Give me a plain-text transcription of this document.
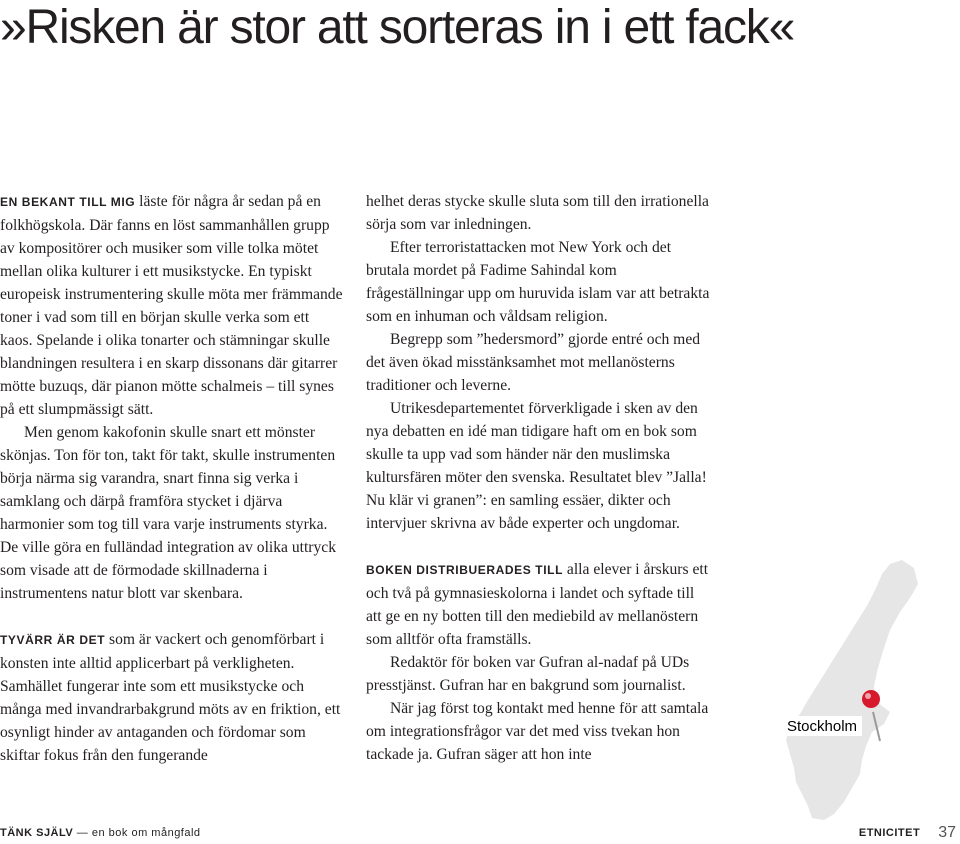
»Risken är stor att sorteras in i ett fack«

EN BEKANT TILL MIG läste för några år sedan på en folkhögskola. Där fanns en löst sammanhållen grupp av kompositörer och musiker som ville tolka mötet mellan olika kulturer i ett musikstycke. En typiskt europeisk instrumentering skulle möta mer främmande toner i vad som till en början skulle verka som ett kaos. Spelande i olika tonarter och stämningar skulle blandningen resultera i en skarp dissonans där gitarrer mötte buzuqs, där pianon mötte schalmeis – till synes på ett slumpmässigt sätt.

Men genom kakofonin skulle snart ett mönster skönjas. Ton för ton, takt för takt, skulle instrumenten börja närma sig varandra, snart finna sig verka i samklang och därpå framföra stycket i djärva harmonier som tog till vara varje instruments styrka. De ville göra en fulländad integration av olika uttryck som visade att de förmodade skillnaderna i instrumentens natur blott var skenbara.

TYVÄRR ÄR DET som är vackert och genomförbart i konsten inte alltid applicerbart på verkligheten. Samhället fungerar inte som ett musikstycke och många med invandrarbakgrund möts av en friktion, ett osynligt hinder av antaganden och fördomar som skiftar fokus från den fungerande

helhet deras stycke skulle sluta som till den irrationella sörja som var inledningen.

Efter terroristattacken mot New York och det brutala mordet på Fadime Sahindal kom frågeställningar upp om huruvida islam var att betrakta som en inhuman och våldsam religion.

Begrepp som ”hedersmord” gjorde entré och med det även ökad misstänksamhet mot mellanösterns traditioner och leverne.

Utrikesdepartementet förverkligade i sken av den nya debatten en idé man tidigare haft om en bok som skulle ta upp vad som händer när den muslimska kultursfären möter den svenska. Resultatet blev ”Jalla! Nu klär vi granen”: en samling essäer, dikter och intervjuer skrivna av både experter och ungdomar.

BOKEN DISTRIBUERADES TILL alla elever i årskurs ett och två på gymnasieskolorna i landet och syftade till att ge en ny botten till den mediebild av mellanöstern som alltför ofta framställs.

Redaktör för boken var Gufran al-nadaf på UDs presstjänst. Gufran har en bakgrund som journalist.

När jag först tog kontakt med henne för att samtala om integrationsfrågor var det med viss tvekan hon tackade ja. Gufran säger att hon inte

Stockholm
TÄNK SJÄLV — en bok om mångfald	ETNICITET 37
